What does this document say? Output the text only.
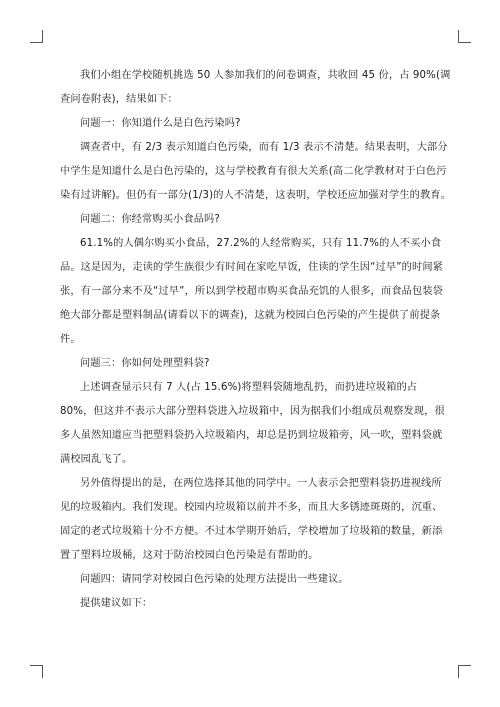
我们小组在学校随机挑选 50 人参加我们的问卷调查，共收回 45 份，占 90%(调
查问卷附表)，结果如下：
问题一：你知道什么是白色污染吗?
调查者中，有 2/3 表示知道白色污染，而有 1/3 表示不清楚。结果表明，大部分
中学生是知道什么是白色污染的，这与学校教育有很大关系(高二化学教材对于白色污
染有过讲解)。但仍有一部分(1/3)的人不清楚，这表明，学校还应加强对学生的教育。
问题二：你经常购买小食品吗?
61.1%的人偶尔购买小食品，27.2%的人经常购买，只有 11.7%的人不买小食
品。这是因为，走读的学生族很少有时间在家吃早饭，住读的学生因“过早”的时间紧
张，有一部分来不及“过早”，所以到学校超市购买食品充饥的人很多，而食品包装袋
绝大部分都是塑料制品(请看以下的调查)，这就为校园白色污染的产生提供了前提条
件。
问题三：你如何处理塑料袋?
上述调查显示只有 7 人(占 15.6%)将塑料袋随地乱扔，而扔进垃圾箱的占
80%，但这并不表示大部分塑料袋进入垃圾箱中，因为据我们小组成员观察发现，很
多人虽然知道应当把塑料袋扔入垃圾箱内，却总是扔到垃圾箱旁，风一吹，塑料袋就
满校园乱飞了。
另外值得提出的是，在两位选择其他的同学中。一人表示会把塑料袋扔进视线所
见的垃圾箱内。我们发现。校园内垃圾箱以前并不多，而且大多锈迹斑斑的，沉重、
固定的老式垃圾箱十分不方便。不过本学期开始后，学校增加了垃圾箱的数量，新添
置了塑料垃圾桶，这对于防治校园白色污染是有帮助的。
问题四：请同学对校园白色污染的处理方法提出一些建议。
提供建议如下：
